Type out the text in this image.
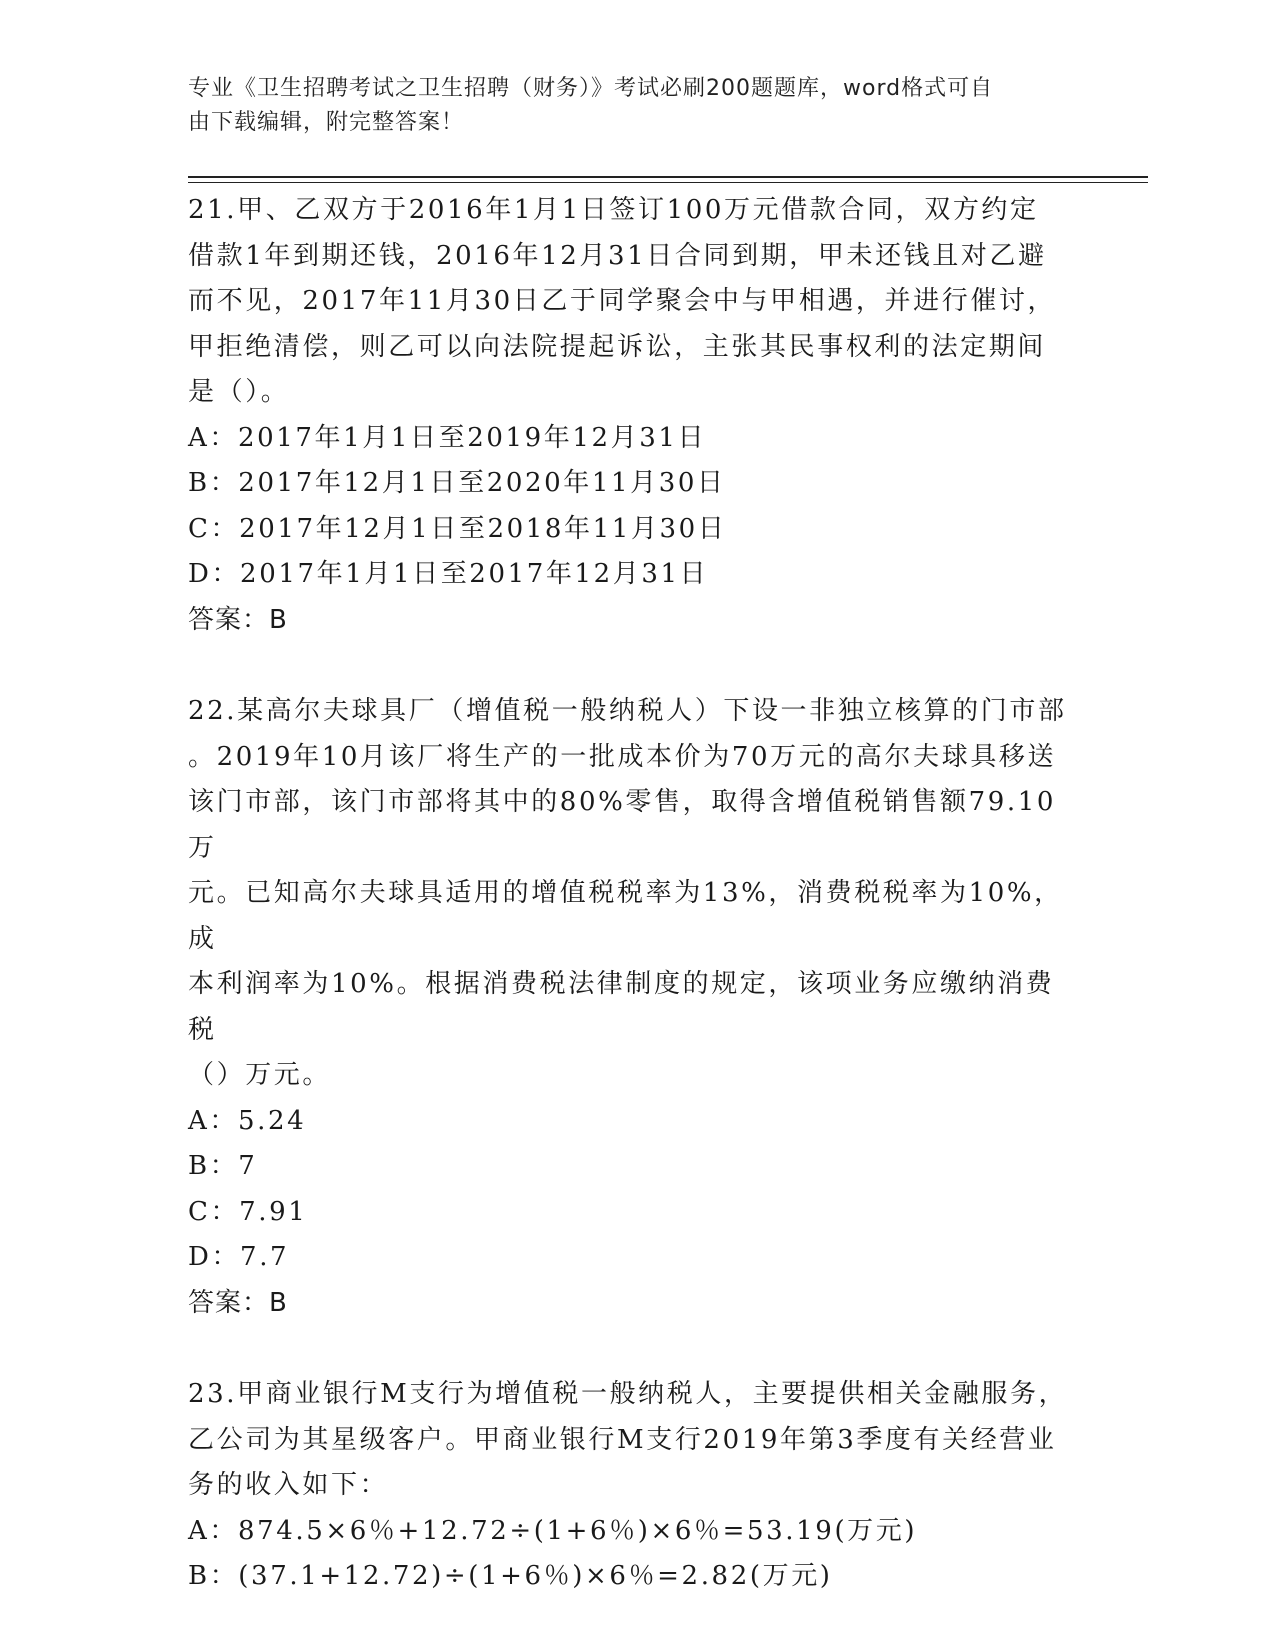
专业《卫生招聘考试之卫生招聘（财务）》考试必刷200题题库，word格式可自
由下载编辑，附完整答案！
21.甲、乙双方于2016年1月1日签订100万元借款合同，双方约定
借款1年到期还钱，2016年12月31日合同到期，甲未还钱且对乙避
而不见，2017年11月30日乙于同学聚会中与甲相遇，并进行催讨，
甲拒绝清偿，则乙可以向法院提起诉讼，主张其民事权利的法定期间
是（）。
A：2017年1月1日至2019年12月31日
B：2017年12月1日至2020年11月30日
C：2017年12月1日至2018年11月30日
D：2017年1月1日至2017年12月31日
答案：B
22.某高尔夫球具厂（增值税一般纳税人）下设一非独立核算的门市部
。2019年10月该厂将生产的一批成本价为70万元的高尔夫球具移送
该门市部，该门市部将其中的80%零售，取得含增值税销售额79.10万
元。已知高尔夫球具适用的增值税税率为13%，消费税税率为10%，成
本利润率为10%。根据消费税法律制度的规定，该项业务应缴纳消费税
（）万元。
A：5.24
B：7
C：7.91
D：7.7
答案：B
23.甲商业银行M支行为增值税一般纳税人，主要提供相关金融服务，
乙公司为其星级客户。甲商业银行M支行2019年第3季度有关经营业
务的收入如下：
A：874.5×6％+12.72÷(1+6％)×6％=53.19(万元)
B：(37.1+12.72)÷(1+6％)×6％=2.82(万元)
